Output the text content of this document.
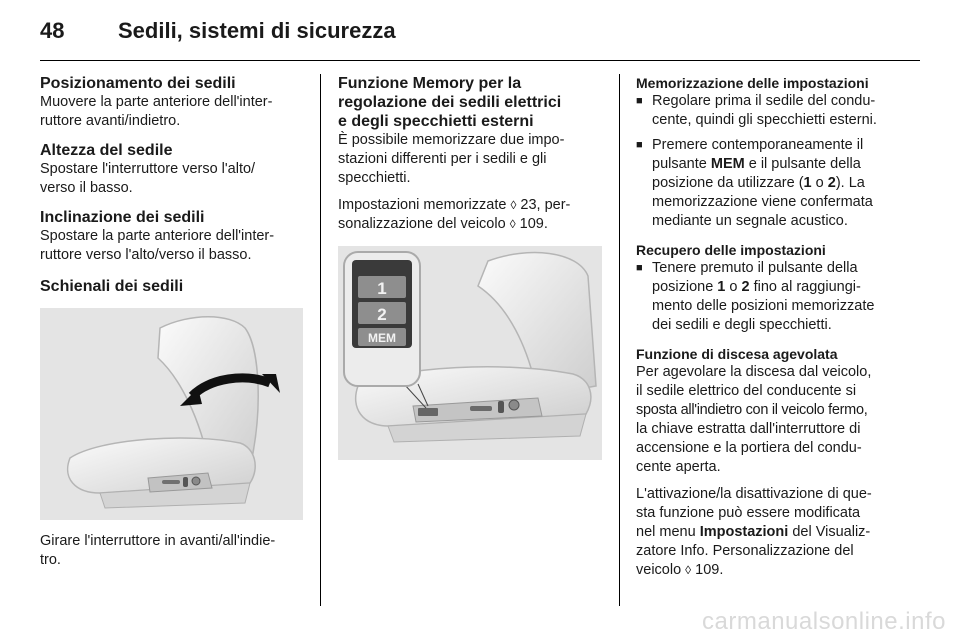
48 Sedili, sistemi di sicurezza
Posizionamento dei sedili
Muovere la parte anteriore dell'inter-
ruttore avanti/indietro.
Altezza del sedile
Spostare l'interruttore verso l'alto/
verso il basso.
Inclinazione dei sedili
Spostare la parte anteriore dell'inter-
ruttore verso l'alto/verso il basso.
Schienali dei sedili
Girare l'interruttore in avanti/all'indie-
tro.
Funzione Memory per la
regolazione dei sedili elettrici
e degli specchietti esterni
È possibile memorizzare due impo-
stazioni differenti per i sedili e gli
specchietti.
Impostazioni memorizzate ◊ 23, per-
sonalizzazione del veicolo ◊ 109.
1
2
MEM
Memorizzazione delle impostazioni
■ Regolare prima il sedile del condu-
cente, quindi gli specchietti esterni.
■ Premere contemporaneamente il
pulsante MEM e il pulsante della
posizione da utilizzare (1 o 2). La
memorizzazione viene confermata
mediante un segnale acustico.
Recupero delle impostazioni
■ Tenere premuto il pulsante della
posizione 1 o 2 fino al raggiungi-
mento delle posizioni memorizzate
dei sedili e degli specchietti.
Funzione di discesa agevolata
Per agevolare la discesa dal veicolo,
il sedile elettrico del conducente si
sposta all'indietro con il veicolo fermo,
la chiave estratta dall'interruttore di
accensione e la portiera del condu-
cente aperta.
L'attivazione/la disattivazione di que-
sta funzione può essere modificata
nel menu Impostazioni del Visualiz-
zatore Info. Personalizzazione del
veicolo ◊ 109.
carmanualsonline.info
